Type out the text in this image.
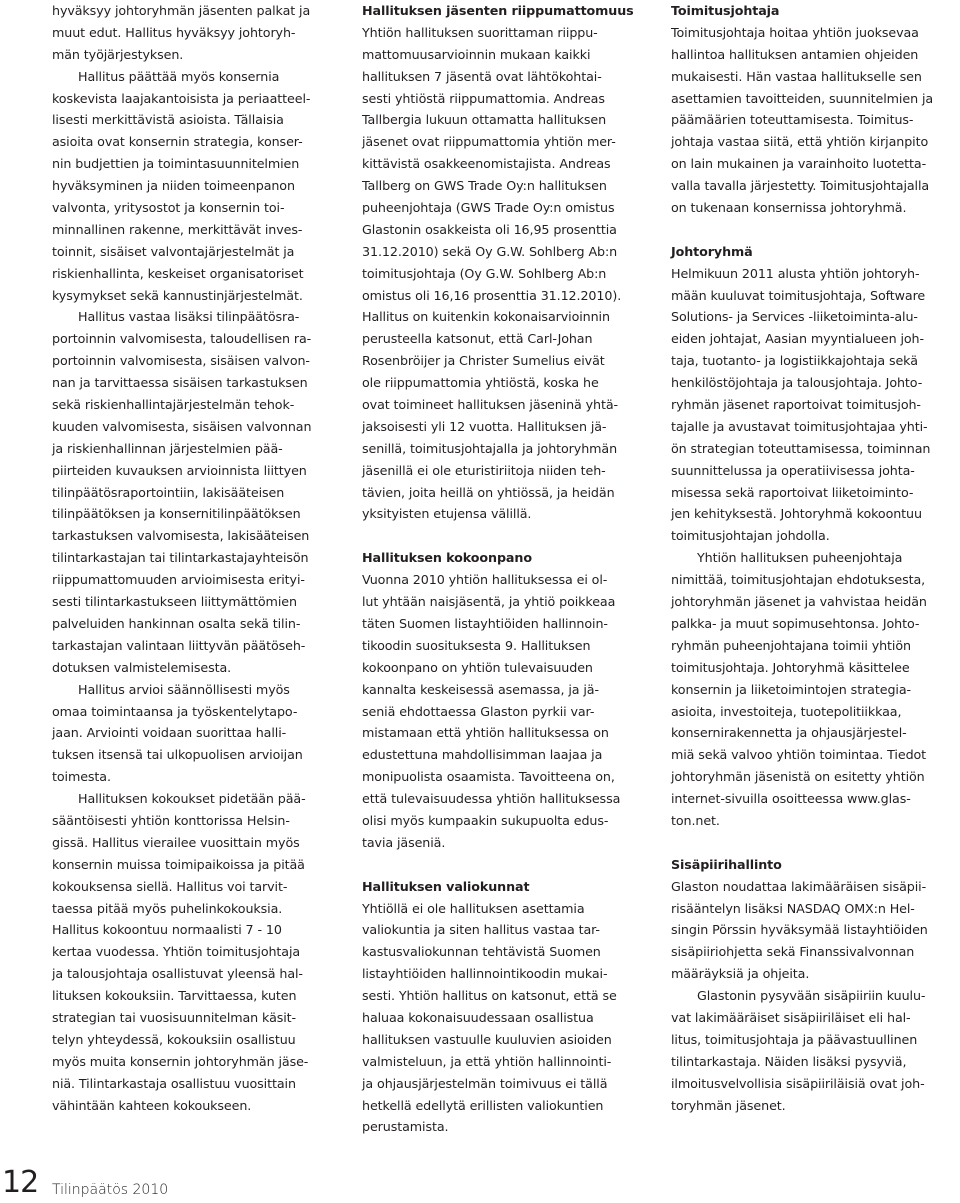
hyväksyy johtoryhmän jäsenten palkat ja
muut edut. Hallitus hyväksyy johtoryh-
män työjärjestyksen.
Hallitus päättää myös konsernia
koskevista laajakantoisista ja periaatteel-
lisesti merkittävistä asioista. Tällaisia
asioita ovat konsernin strategia, konser-
nin budjettien ja toimintasuunnitelmien
hyväksyminen ja niiden toimeenpanon
valvonta, yritysostot ja konsernin toi-
minnallinen rakenne, merkittävät inves-
toinnit, sisäiset valvontajärjestelmät ja
riskienhallinta, keskeiset organisatoriset
kysymykset sekä kannustinjärjestelmät.
Hallitus vastaa lisäksi tilinpäätösra-
portoinnin valvomisesta, taloudellisen ra-
portoinnin valvomisesta, sisäisen valvon-
nan ja tarvittaessa sisäisen tarkastuksen
sekä riskienhallintajärjestelmän tehok-
kuuden valvomisesta, sisäisen valvonnan
ja riskienhallinnan järjestelmien pää-
piirteiden kuvauksen arvioinnista liittyen
tilinpäätösraportointiin, lakisääteisen
tilinpäätöksen ja konsernitilinpäätöksen
tarkastuksen valvomisesta, lakisääteisen
tilintarkastajan tai tilintarkastajayhteisön
riippumattomuuden arvioimisesta erityi-
sesti tilintarkastukseen liittymättömien
palveluiden hankinnan osalta sekä tilin-
tarkastajan valintaan liittyvän päätöseh-
dotuksen valmistelemisesta.
Hallitus arvioi säännöllisesti myös
omaa toimintaansa ja työskentelytapo-
jaan. Arviointi voidaan suorittaa halli-
tuksen itsensä tai ulkopuolisen arvioijan
toimesta.
Hallituksen kokoukset pidetään pää-
sääntöisesti yhtiön konttorissa Helsin-
gissä. Hallitus vierailee vuosittain myös
konsernin muissa toimipaikoissa ja pitää
kokouksensa siellä. Hallitus voi tarvit-
taessa pitää myös puhelinkokouksia.
Hallitus kokoontuu normaalisti 7 - 10
kertaa vuodessa. Yhtiön toimitusjohtaja
ja talousjohtaja osallistuvat yleensä hal-
lituksen kokouksiin. Tarvittaessa, kuten
strategian tai vuosisuunnitelman käsit-
telyn yhteydessä, kokouksiin osallistuu
myös muita konsernin johtoryhmän jäse-
niä. Tilintarkastaja osallistuu vuosittain
vähintään kahteen kokoukseen.
Hallituksen jäsenten riippumattomuus
Yhtiön hallituksen suorittaman riippu-
mattomuusarvioinnin mukaan kaikki
hallituksen 7 jäsentä ovat lähtökohtai-
sesti yhtiöstä riippumattomia. Andreas
Tallbergia lukuun ottamatta hallituksen
jäsenet ovat riippumattomia yhtiön mer-
kittävistä osakkeenomistajista. Andreas
Tallberg on GWS Trade Oy:n hallituksen
puheenjohtaja (GWS Trade Oy:n omistus
Glastonin osakkeista oli 16,95 prosenttia
31.12.2010) sekä Oy G.W. Sohlberg Ab:n
toimitusjohtaja (Oy G.W. Sohlberg Ab:n
omistus oli 16,16 prosenttia 31.12.2010).
Hallitus on kuitenkin kokonaisarvioinnin
perusteella katsonut, että Carl-Johan
Rosenbröijer ja Christer Sumelius eivät
ole riippumattomia yhtiöstä, koska he
ovat toimineet hallituksen jäseninä yhtä-
jaksoisesti yli 12 vuotta. Hallituksen jä-
senillä, toimitusjohtajalla ja johtoryhmän
jäsenillä ei ole eturistiriitoja niiden teh-
tävien, joita heillä on yhtiössä, ja heidän
yksityisten etujensa välillä.
Hallituksen kokoonpano
Vuonna 2010 yhtiön hallituksessa ei ol-
lut yhtään naisjäsentä, ja yhtiö poikkeaa
täten Suomen listayhtiöiden hallinnoin-
tikoodin suosituksesta 9. Hallituksen
kokoonpano on yhtiön tulevaisuuden
kannalta keskeisessä asemassa, ja jä-
seniä ehdottaessa Glaston pyrkii var-
mistamaan että yhtiön hallituksessa on
edustettuna mahdollisimman laajaa ja
monipuolista osaamista. Tavoitteena on,
että tulevaisuudessa yhtiön hallituksessa
olisi myös kumpaakin sukupuolta edus-
tavia jäseniä.
Hallituksen valiokunnat
Yhtiöllä ei ole hallituksen asettamia
valiokuntia ja siten hallitus vastaa tar-
kastusvaliokunnan tehtävistä Suomen
listayhtiöiden hallinnointikoodin mukai-
sesti. Yhtiön hallitus on katsonut, että se
haluaa kokonaisuudessaan osallistua
hallituksen vastuulle kuuluvien asioiden
valmisteluun, ja että yhtiön hallinnointi-
ja ohjausjärjestelmän toimivuus ei tällä
hetkellä edellytä erillisten valiokuntien
perustamista.
Toimitusjohtaja
Toimitusjohtaja hoitaa yhtiön juoksevaa
hallintoa hallituksen antamien ohjeiden
mukaisesti. Hän vastaa hallitukselle sen
asettamien tavoitteiden, suunnitelmien ja
päämäärien toteuttamisesta. Toimitus-
johtaja vastaa siitä, että yhtiön kirjanpito
on lain mukainen ja varainhoito luotetta-
valla tavalla järjestetty. Toimitusjohtajalla
on tukenaan konsernissa johtoryhmä.
Johtoryhmä
Helmikuun 2011 alusta yhtiön johtoryh-
mään kuuluvat toimitusjohtaja, Software
Solutions- ja Services -liiketoiminta-alu-
eiden johtajat, Aasian myyntialueen joh-
taja, tuotanto- ja logistiikkajohtaja sekä
henkilöstöjohtaja ja talousjohtaja. Johto-
ryhmän jäsenet raportoivat toimitusjoh-
tajalle ja avustavat toimitusjohtajaa yhti-
ön strategian toteuttamisessa, toiminnan
suunnittelussa ja operatiivisessa johta-
misessa sekä raportoivat liiketoiminto-
jen kehityksestä. Johtoryhmä kokoontuu
toimitusjohtajan johdolla.
Yhtiön hallituksen puheenjohtaja
nimittää, toimitusjohtajan ehdotuksesta,
johtoryhmän jäsenet ja vahvistaa heidän
palkka- ja muut sopimusehtonsa. Johto-
ryhmän puheenjohtajana toimii yhtiön
toimitusjohtaja. Johtoryhmä käsittelee
konsernin ja liiketoimintojen strategia-
asioita, investoiteja, tuotepolitiikkaa,
konsernirakennetta ja ohjausjärjestel-
miä sekä valvoo yhtiön toimintaa. Tiedot
johtoryhmän jäsenistä on esitetty yhtiön
internet-sivuilla osoitteessa www.glas-
ton.net.
Sisäpiirihallinto
Glaston noudattaa lakimääräisen sisäpii-
risääntelyn lisäksi NASDAQ OMX:n Hel-
singin Pörssin hyväksymää listayhtiöiden
sisäpiiriohjetta sekä Finanssivalvonnan
määräyksiä ja ohjeita.
Glastonin pysyvään sisäpiiriin kuulu-
vat lakimääräiset sisäpiiriläiset eli hal-
litus, toimitusjohtaja ja päävastuullinen
tilintarkastaja. Näiden lisäksi pysyviä,
ilmoitusvelvollisia sisäpiiriläisiä ovat joh-
toryhmän jäsenet.
12 Tilinpäätös 2010
